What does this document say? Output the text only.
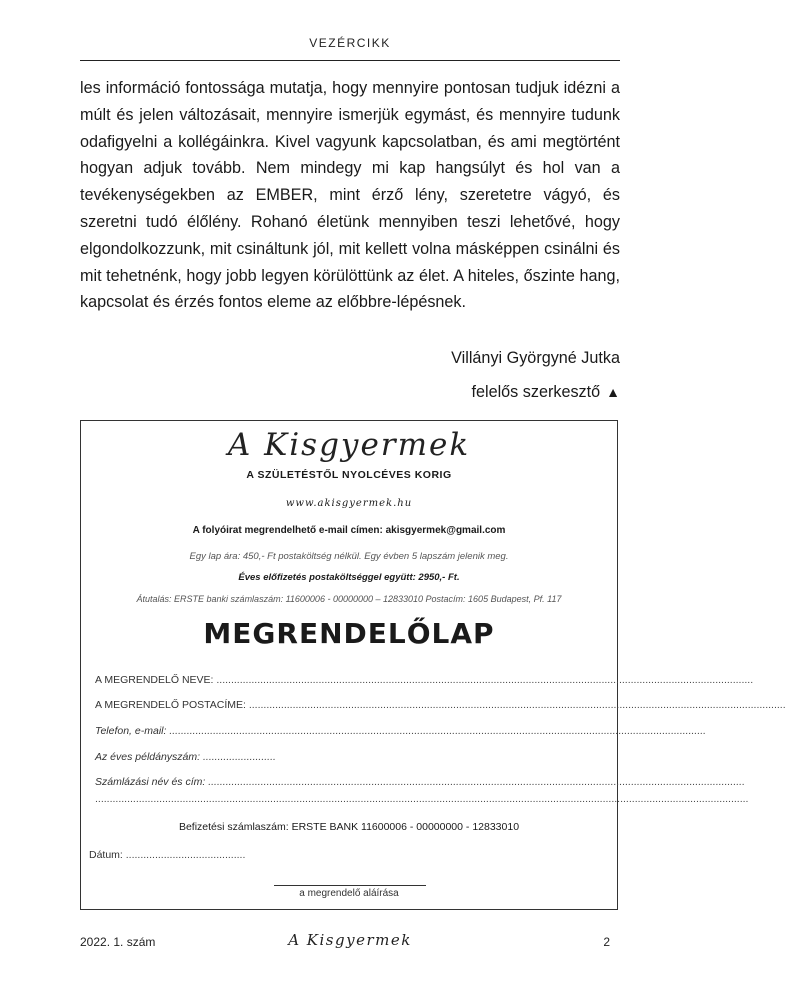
VEZÉRCIKK

les információ fontossága mutatja, hogy mennyire pontosan tudjuk idézni a múlt és jelen változásait, mennyire ismerjük egymást, és mennyire tudunk odafigyelni a kollégáinkra. Kivel vagyunk kapcsolatban, és ami megtörtént hogyan adjuk tovább. Nem mindegy mi kap hangsúlyt és hol van a tevékenységekben az EMBER, mint érző lény, szeretetre vágyó, és szeretni tudó élőlény. Rohanó életünk mennyiben teszi lehetővé, hogy elgondolkozzunk, mit csináltunk jól, mit kellett volna másképpen csinálni és mit tehetnénk, hogy jobb legyen körülöttünk az élet. A hiteles, őszinte hang, kapcsolat és érzés fontos eleme az előbbre-lépésnek.

Villányi Györgyné Jutka
felelős szerkesztő ▲
A Kisgyermek
A SZÜLETÉSTŐL NYOLCÉVES KORIG
www.akisgyermek.hu
A folyóirat megrendelhető e-mail címen: akisgyermek@gmail.com
Egy lap ára: 450,- Ft postaköltség nélkül. Egy évben 5 lapszám jelenik meg.
Éves előfizetés postaköltséggel együtt: 2950,- Ft.
Átutalás: ERSTE banki számlaszám: 11600006 - 00000000 – 12833010 Postacím: 1605 Budapest, Pf. 117
MEGRENDELŐLAP
A MEGRENDELŐ NEVE: ........................................................................................................................................................................................
A MEGRENDELŐ POSTACÍME: ........................................................................................................................................................................................
Telefon, e-mail: ........................................................................................................................................................................................
Az éves példányszám: .........................
Számlázási név és cím: ........................................................................................................................................................................................
................................................................................................................................................................................................................................
Befizetési számlaszám: ERSTE BANK 11600006 - 00000000 - 12833010
Dátum: .........................................
a megrendelő aláírása
2022. 1. szám	A Kisgyermek	2
